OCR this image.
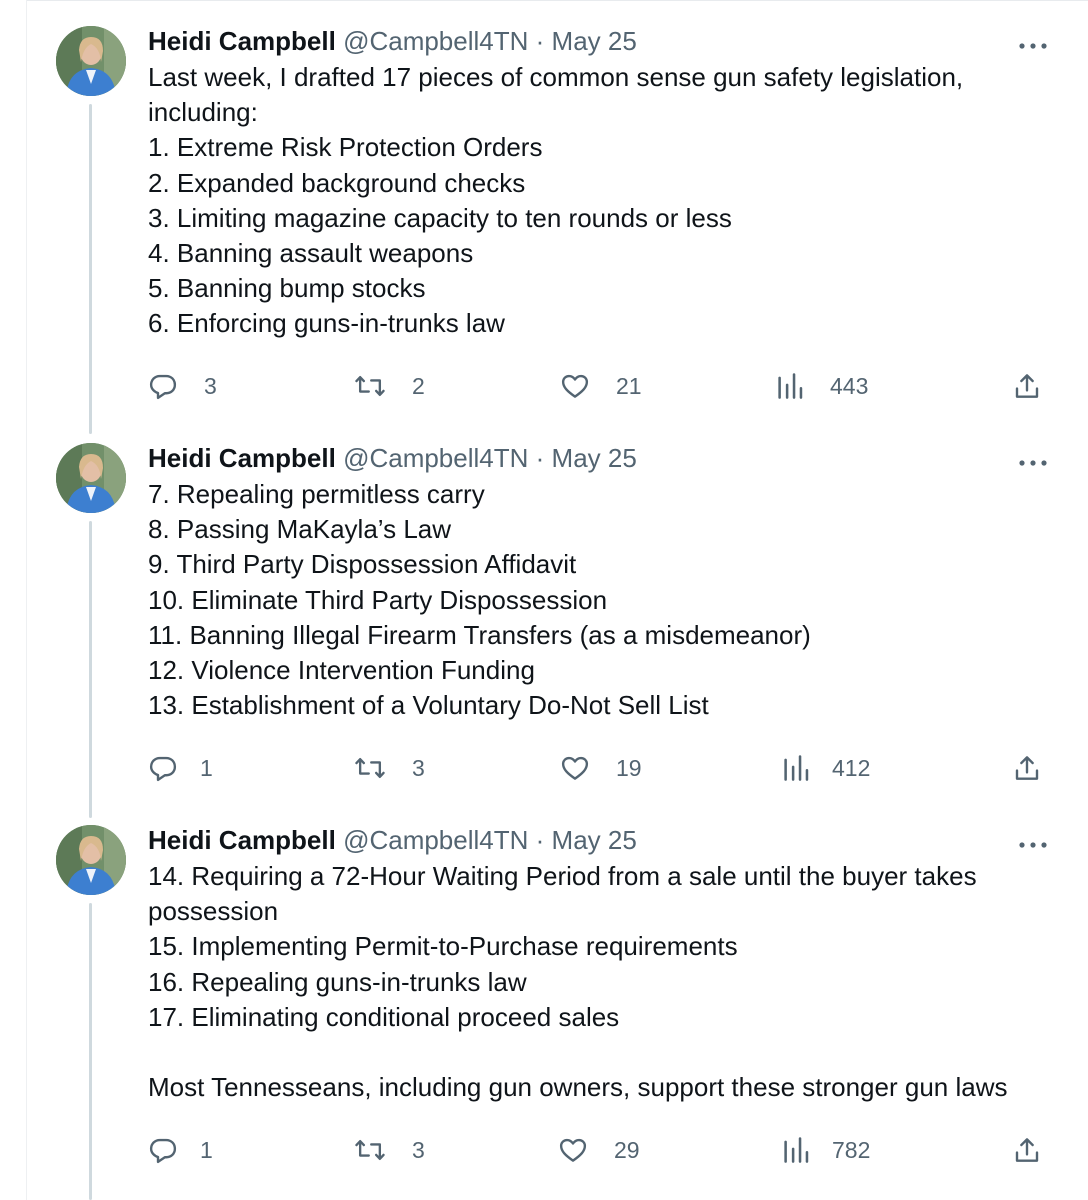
Heidi Campbell @Campbell4TN · May 25
Last week, I drafted 17 pieces of common sense gun safety legislation,
including:
1. Extreme Risk Protection Orders
2. Expanded background checks
3. Limiting magazine capacity to ten rounds or less
4. Banning assault weapons
5. Banning bump stocks
6. Enforcing guns-in-trunks law
3	2	21	443
Heidi Campbell @Campbell4TN · May 25
7. Repealing permitless carry
8. Passing MaKayla’s Law
9. Third Party Dispossession Affidavit
10. Eliminate Third Party Dispossession
11. Banning Illegal Firearm Transfers (as a misdemeanor)
12. Violence Intervention Funding
13. Establishment of a Voluntary Do-Not Sell List
1	3	19	412
Heidi Campbell @Campbell4TN · May 25
14. Requiring a 72-Hour Waiting Period from a sale until the buyer takes
possession
15. Implementing Permit-to-Purchase requirements
16. Repealing guns-in-trunks law
17. Eliminating conditional proceed sales
Most Tennesseans, including gun owners, support these stronger gun laws
1	3	29	782
